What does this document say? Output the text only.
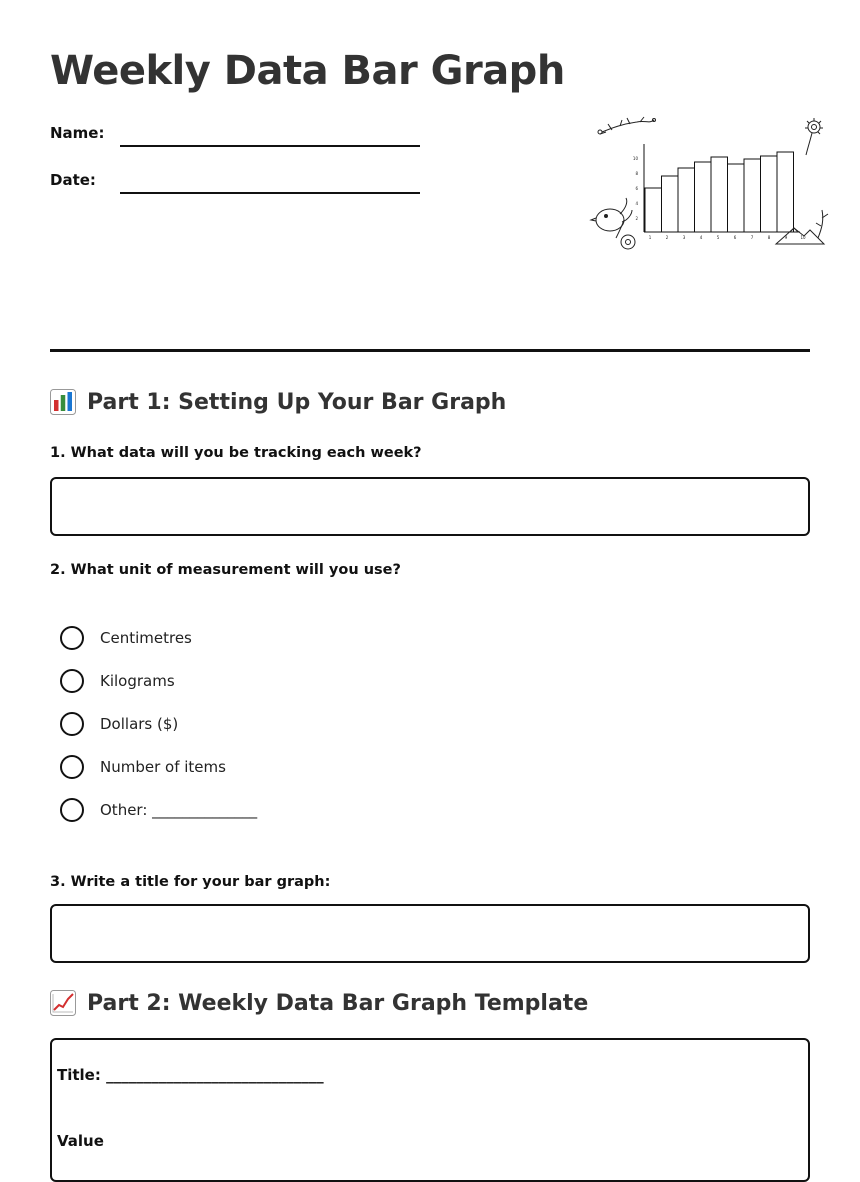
Weekly Data Bar Graph
Name:
Date:
2
4
6
8
10
1	2	3	4	5	6	7	8	9	10
Part 1: Setting Up Your Bar Graph
1. What data will you be tracking each week?
2. What unit of measurement will you use?
Centimetres
Kilograms
Dollars ($)
Number of items
Other: ______________
3. Write a title for your bar graph:
Part 2: Weekly Data Bar Graph Template
Title: _____________________________
Value
